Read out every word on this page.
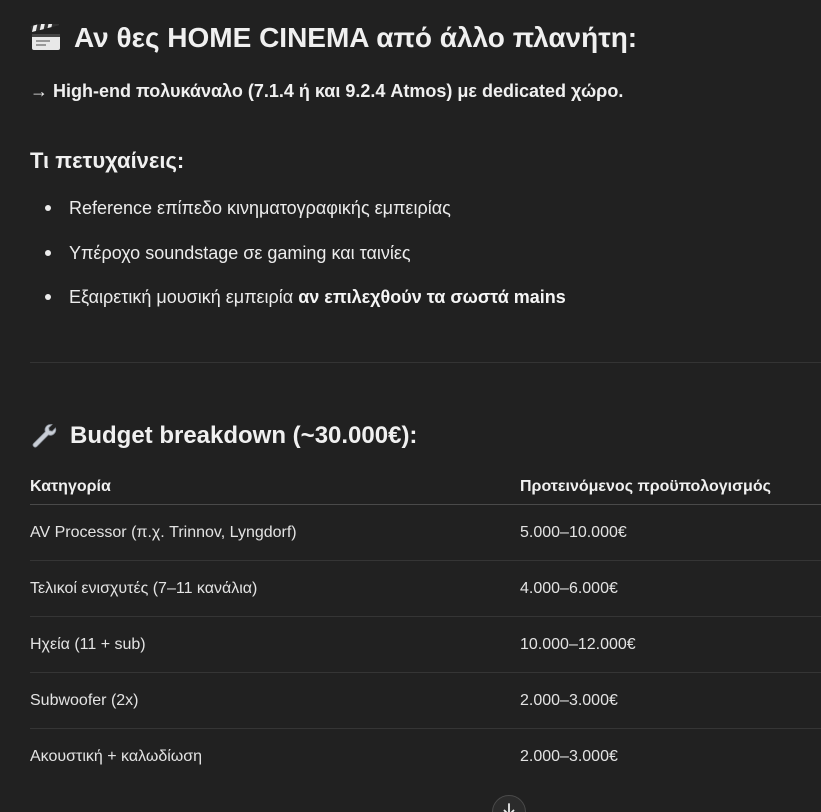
Αν θες HOME CINEMA από άλλο πλανήτη:
→ High-end πολυκάναλο (7.1.4 ή και 9.2.4 Atmos) με dedicated χώρο.
Τι πετυχαίνεις:
Reference επίπεδο κινηματογραφικής εμπειρίας
Υπέροχο soundstage σε gaming και ταινίες
Εξαιρετική μουσική εμπειρία αν επιλεχθούν τα σωστά mains
Budget breakdown (~30.000€):
Κατηγορία	Προτεινόμενος προϋπολογισμός
AV Processor (π.χ. Trinnov, Lyngdorf)	5.000–10.000€
Τελικοί ενισχυτές (7–11 κανάλια)	4.000–6.000€
Ηχεία (11 + sub)	10.000–12.000€
Subwoofer (2x)	2.000–3.000€
Ακουστική + καλωδίωση	2.000–3.000€
